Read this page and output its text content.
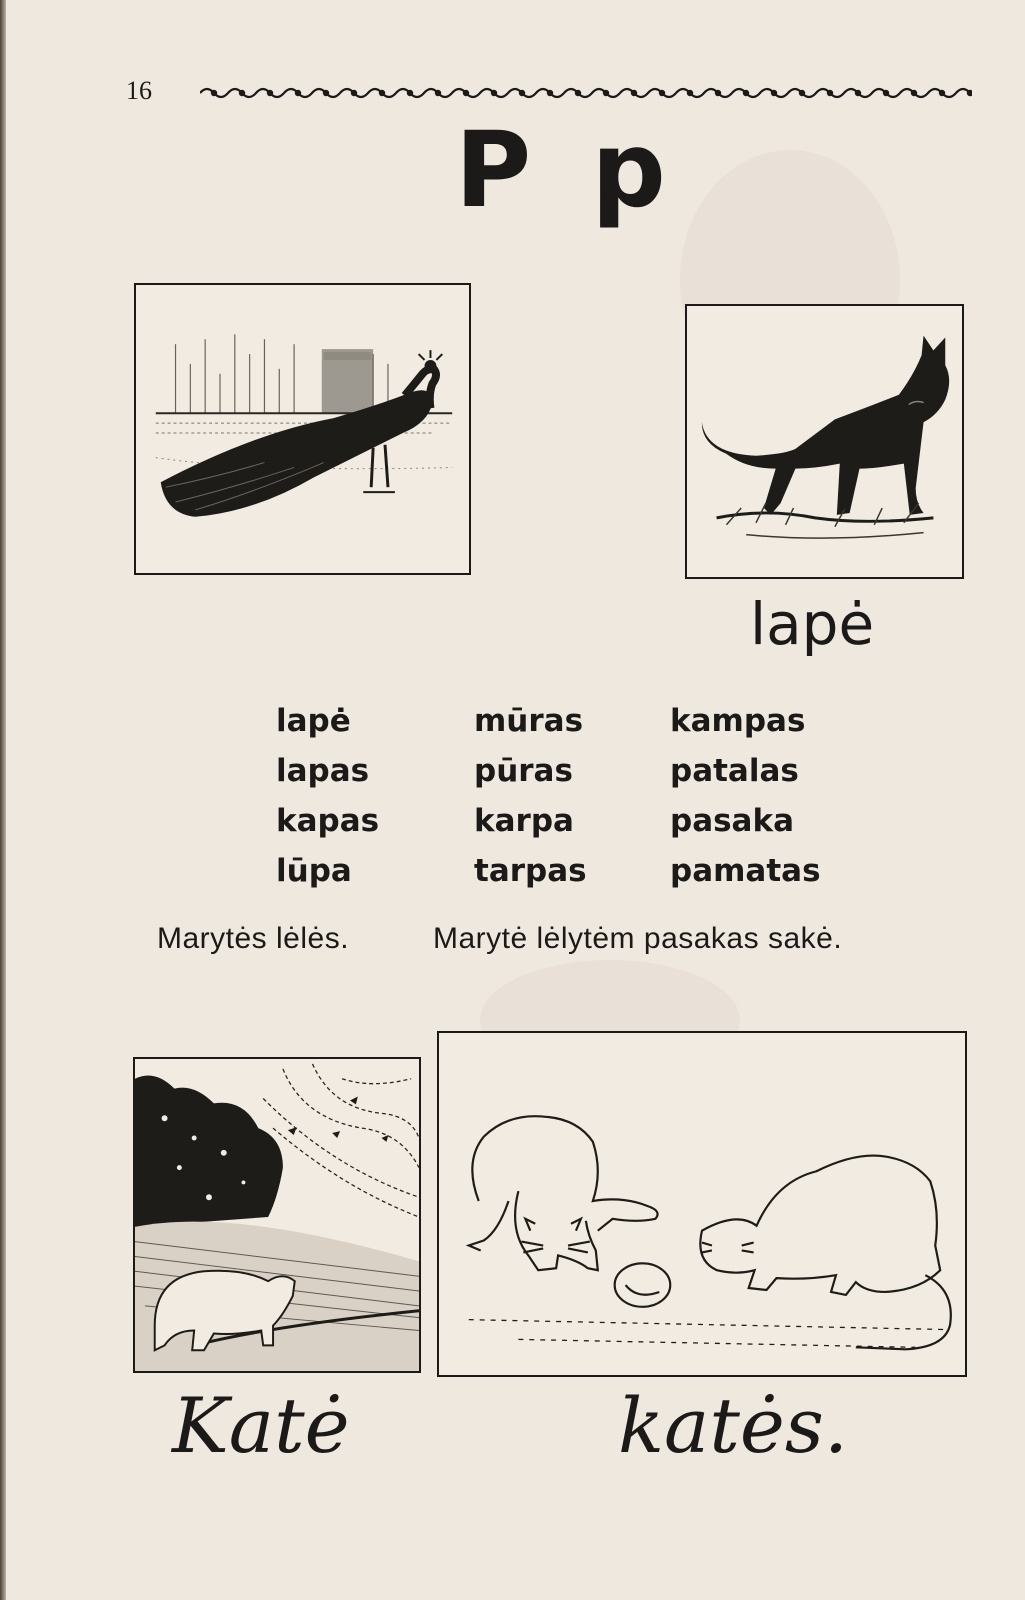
16
P p
lapė
lapė
lapas
kapas
lūpa
mūras
pūras
karpa
tarpas
kampas
patalas
pasaka
pamatas
Marytės lėlės.	Marytė lėlytėm pasakas sakė.
Katė	katės.
